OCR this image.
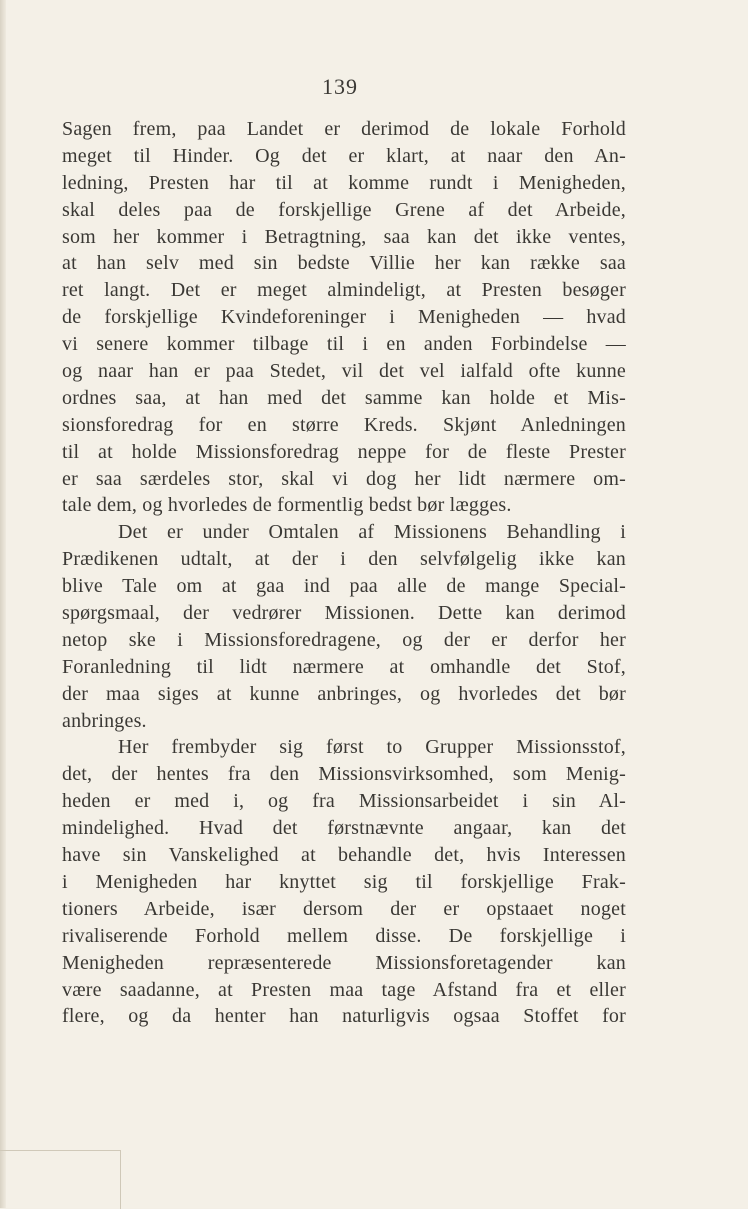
139
Sagen frem, paa Landet er derimod de lokale Forhold
meget til Hinder. Og det er klart, at naar den An-
ledning, Presten har til at komme rundt i Menigheden,
skal deles paa de forskjellige Grene af det Arbeide,
som her kommer i Betragtning, saa kan det ikke ventes,
at han selv med sin bedste Villie her kan række saa
ret langt. Det er meget almindeligt, at Presten besøger
de forskjellige Kvindeforeninger i Menigheden — hvad
vi senere kommer tilbage til i en anden Forbindelse —
og naar han er paa Stedet, vil det vel ialfald ofte kunne
ordnes saa, at han med det samme kan holde et Mis-
sionsforedrag for en større Kreds. Skjønt Anledningen
til at holde Missionsforedrag neppe for de fleste Prester
er saa særdeles stor, skal vi dog her lidt nærmere om-
tale dem, og hvorledes de formentlig bedst bør lægges.
Det er under Omtalen af Missionens Behandling i
Prædikenen udtalt, at der i den selvfølgelig ikke kan
blive Tale om at gaa ind paa alle de mange Special-
spørgsmaal, der vedrører Missionen. Dette kan derimod
netop ske i Missionsforedragene, og der er derfor her
Foranledning til lidt nærmere at omhandle det Stof,
der maa siges at kunne anbringes, og hvorledes det bør
anbringes.
Her frembyder sig først to Grupper Missionsstof,
det, der hentes fra den Missionsvirksomhed, som Menig-
heden er med i, og fra Missionsarbeidet i sin Al-
mindelighed. Hvad det førstnævnte angaar, kan det
have sin Vanskelighed at behandle det, hvis Interessen
i Menigheden har knyttet sig til forskjellige Frak-
tioners Arbeide, især dersom der er opstaaet noget
rivaliserende Forhold mellem disse. De forskjellige i
Menigheden repræsenterede Missionsforetagender kan
være saadanne, at Presten maa tage Afstand fra et eller
flere, og da henter han naturligvis ogsaa Stoffet for
